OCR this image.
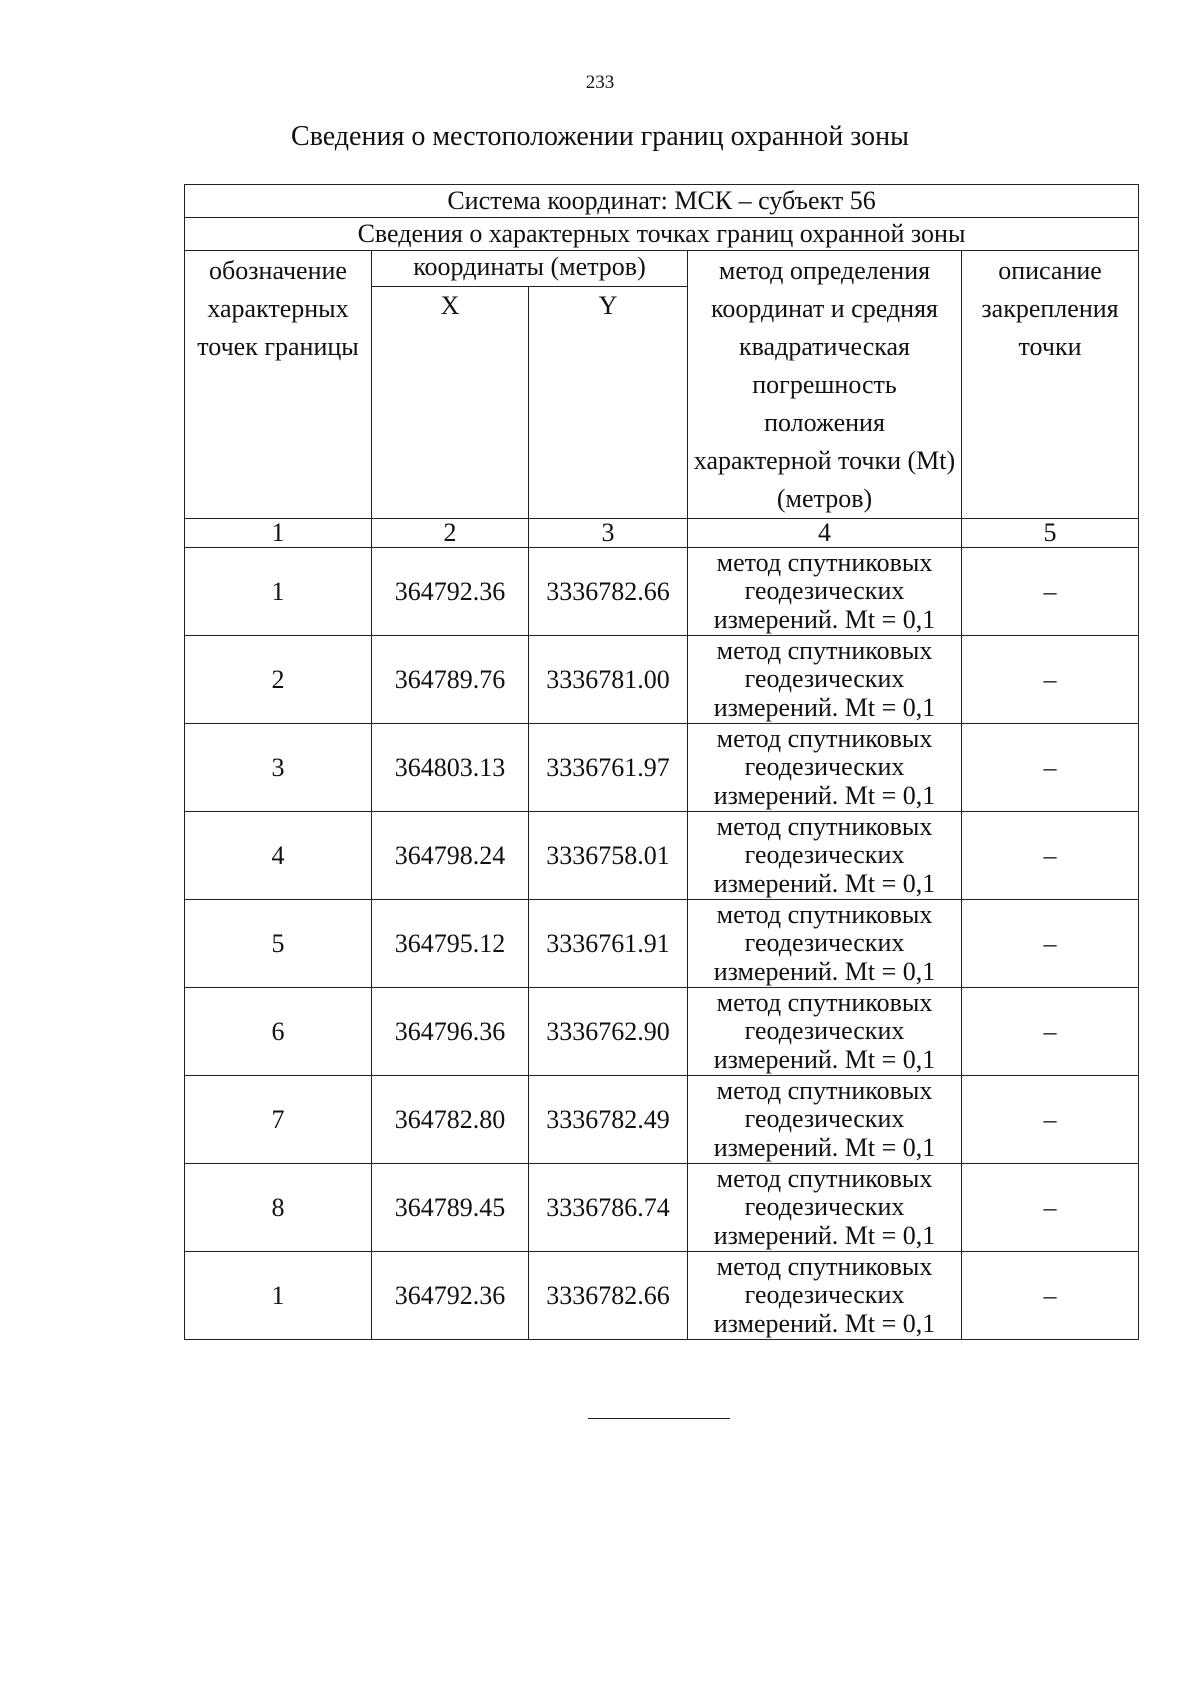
233
Сведения о местоположении границ охранной зоны
Система координат: МСК – субъект 56				
Сведения о характерных точках границ охранной зоны				
обозначение характерных точек границы	координаты (метров)		метод определения координат и средняя квадратическая погрешность положения характерной точки (Mt) (метров)	описание закрепления точки
	X	Y		
1	2	3	4	5
1	364792.36	3336782.66	метод спутниковых
геодезических
измерений. Mt = 0,1	–
2	364789.76	3336781.00	метод спутниковых
геодезических
измерений. Mt = 0,1	–
3	364803.13	3336761.97	метод спутниковых
геодезических
измерений. Mt = 0,1	–
4	364798.24	3336758.01	метод спутниковых
геодезических
измерений. Mt = 0,1	–
5	364795.12	3336761.91	метод спутниковых
геодезических
измерений. Mt = 0,1	–
6	364796.36	3336762.90	метод спутниковых
геодезических
измерений. Mt = 0,1	–
7	364782.80	3336782.49	метод спутниковых
геодезических
измерений. Mt = 0,1	–
8	364789.45	3336786.74	метод спутниковых
геодезических
измерений. Mt = 0,1	–
1	364792.36	3336782.66	метод спутниковых
геодезических
измерений. Mt = 0,1	–
